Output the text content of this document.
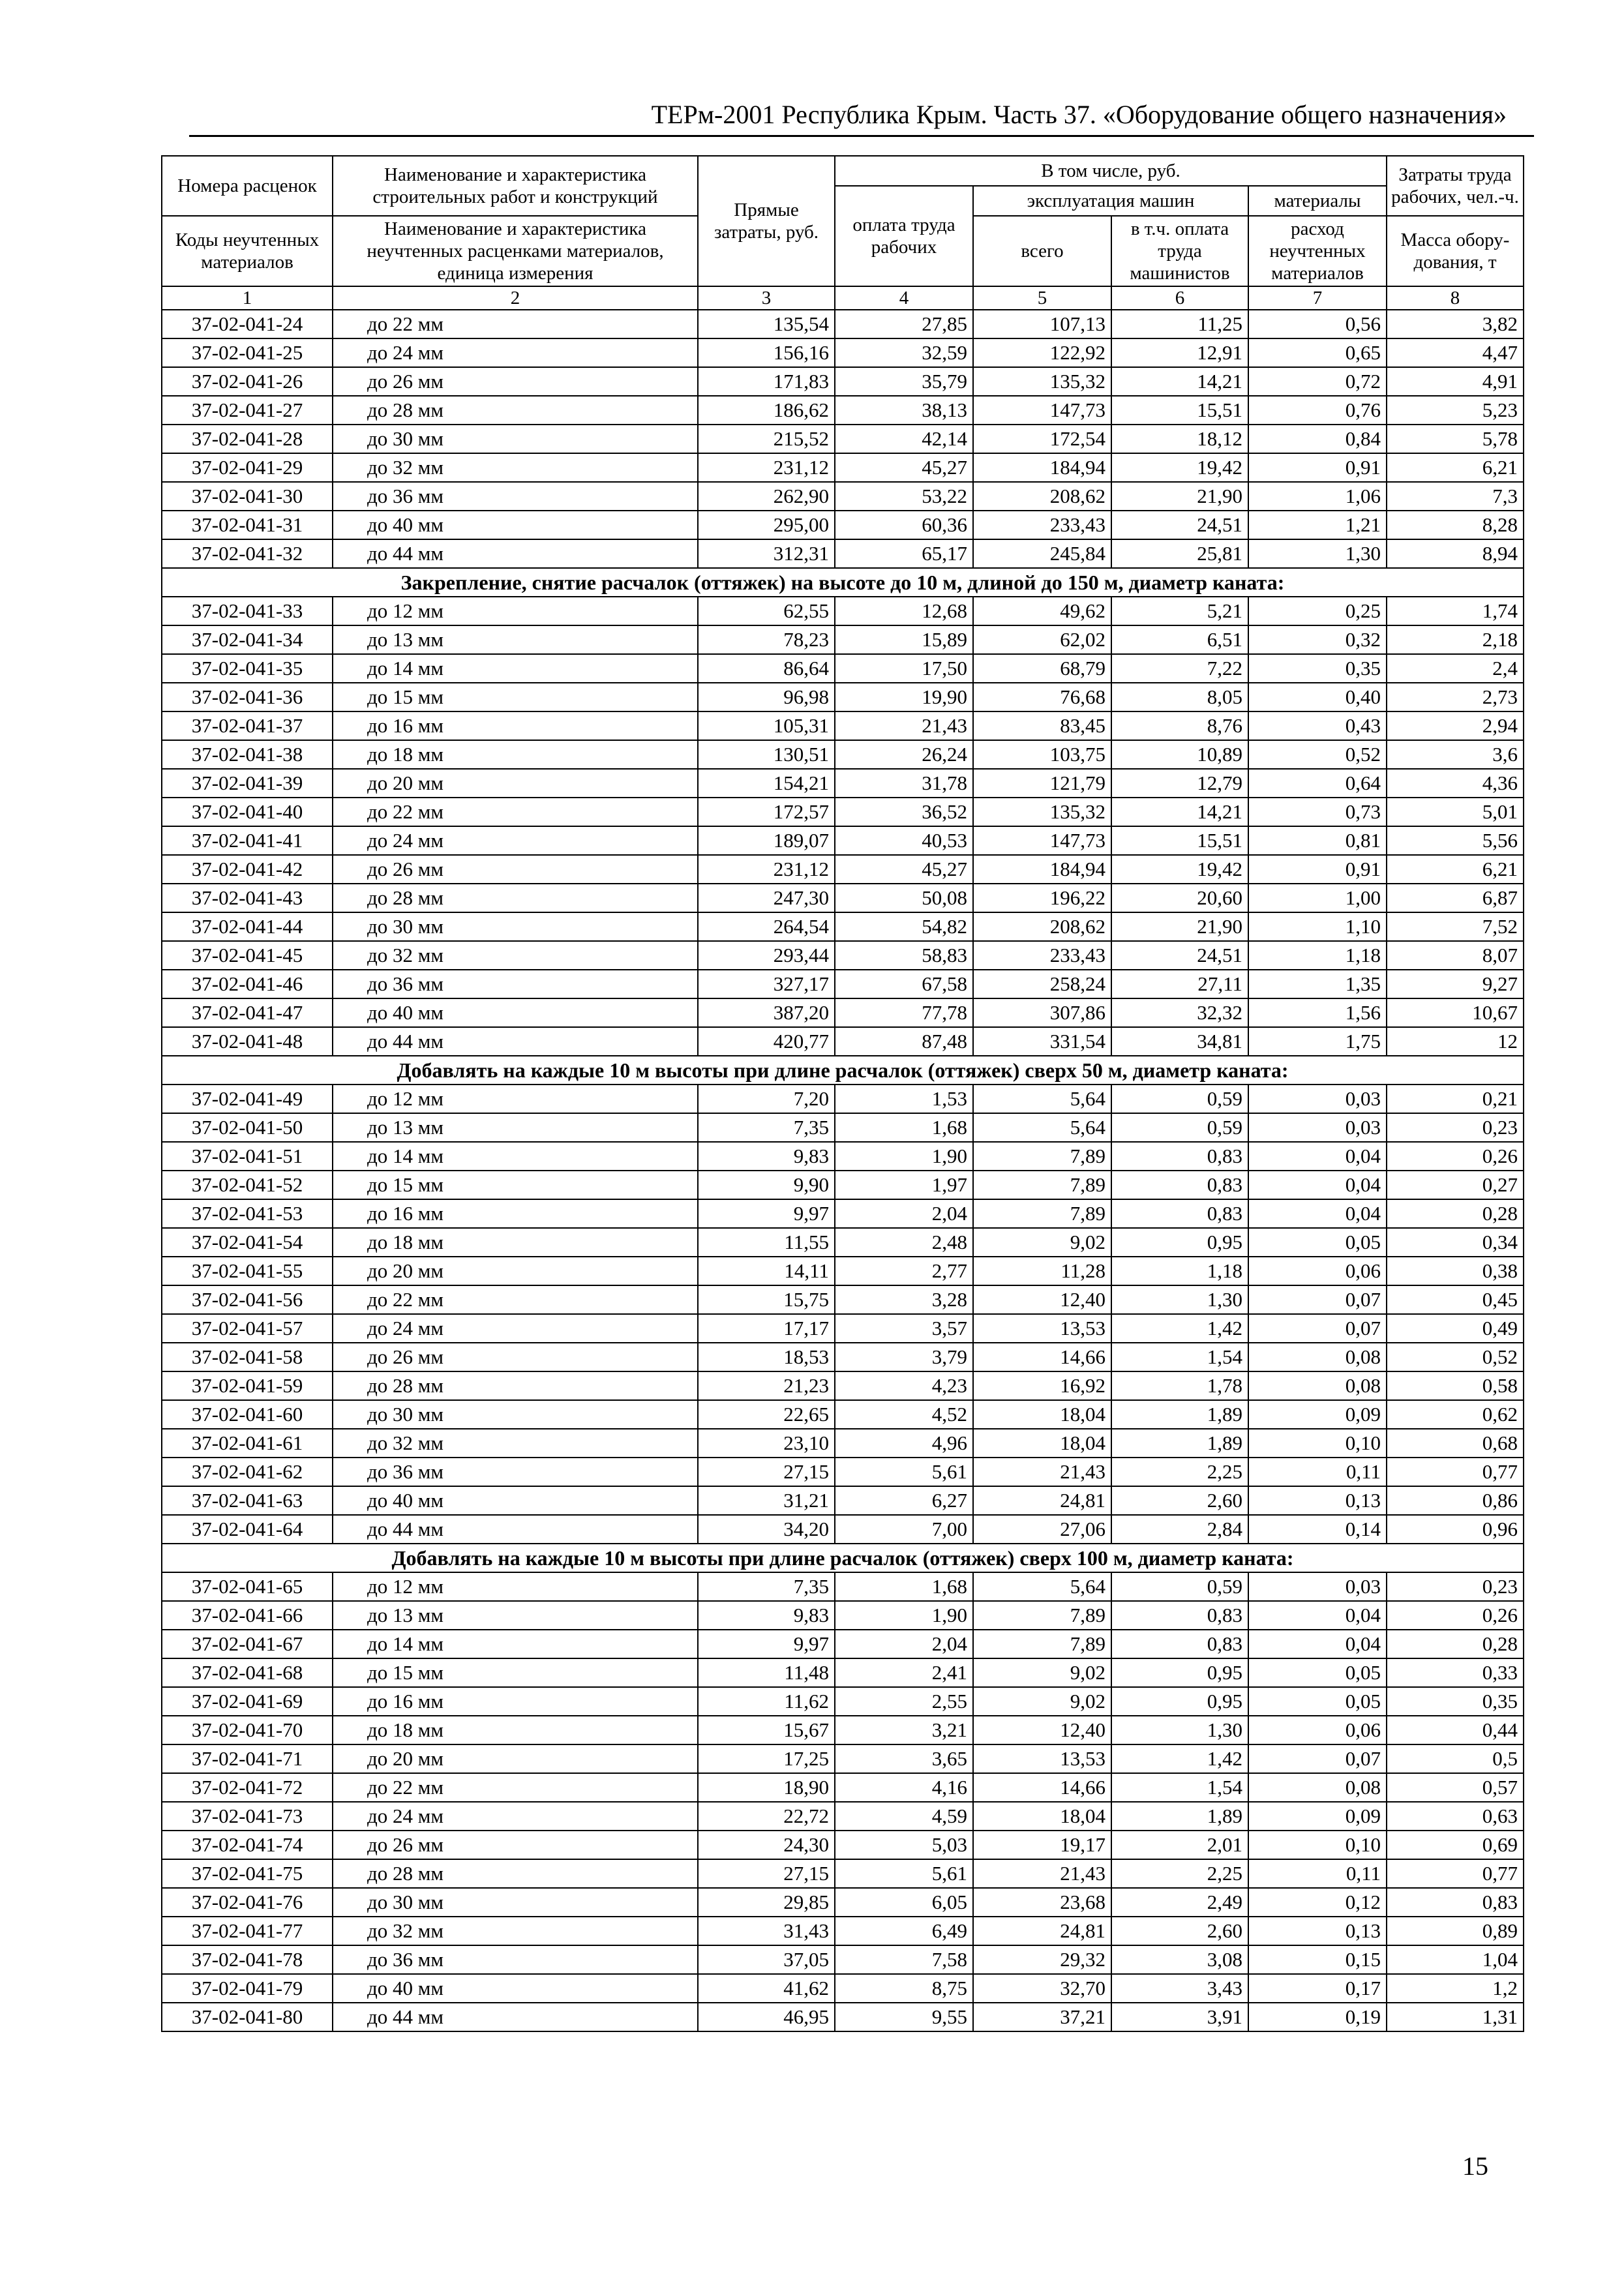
ТЕРм-2001 Республика Крым. Часть 37. «Оборудование общего назначения»
Номера расценок	Наименование и характеристика строительных работ и конструкций	Прямые затраты, руб.	В том числе, руб.				Затраты труда рабочих, чел.-ч.
			оплата труда рабочих	эксплуатация машин		материалы	
Коды неучтенных материалов	Наименование и характеристика неучтенных расценками материалов, единица измерения			всего	в т.ч. оплата труда машинистов	расход неучтенных материалов	
							Масса обору-дования, т
1	2	3	4	5	6	7	8
37-02-041-24	до 22 мм	135,54	27,85	107,13	11,25	0,56	3,82
37-02-041-25	до 24 мм	156,16	32,59	122,92	12,91	0,65	4,47
37-02-041-26	до 26 мм	171,83	35,79	135,32	14,21	0,72	4,91
37-02-041-27	до 28 мм	186,62	38,13	147,73	15,51	0,76	5,23
37-02-041-28	до 30 мм	215,52	42,14	172,54	18,12	0,84	5,78
37-02-041-29	до 32 мм	231,12	45,27	184,94	19,42	0,91	6,21
37-02-041-30	до 36 мм	262,90	53,22	208,62	21,90	1,06	7,3
37-02-041-31	до 40 мм	295,00	60,36	233,43	24,51	1,21	8,28
37-02-041-32	до 44 мм	312,31	65,17	245,84	25,81	1,30	8,94
Закрепление, снятие расчалок (оттяжек) на высоте до 10 м, длиной до 150 м, диаметр каната:							
37-02-041-33	до 12 мм	62,55	12,68	49,62	5,21	0,25	1,74
37-02-041-34	до 13 мм	78,23	15,89	62,02	6,51	0,32	2,18
37-02-041-35	до 14 мм	86,64	17,50	68,79	7,22	0,35	2,4
37-02-041-36	до 15 мм	96,98	19,90	76,68	8,05	0,40	2,73
37-02-041-37	до 16 мм	105,31	21,43	83,45	8,76	0,43	2,94
37-02-041-38	до 18 мм	130,51	26,24	103,75	10,89	0,52	3,6
37-02-041-39	до 20 мм	154,21	31,78	121,79	12,79	0,64	4,36
37-02-041-40	до 22 мм	172,57	36,52	135,32	14,21	0,73	5,01
37-02-041-41	до 24 мм	189,07	40,53	147,73	15,51	0,81	5,56
37-02-041-42	до 26 мм	231,12	45,27	184,94	19,42	0,91	6,21
37-02-041-43	до 28 мм	247,30	50,08	196,22	20,60	1,00	6,87
37-02-041-44	до 30 мм	264,54	54,82	208,62	21,90	1,10	7,52
37-02-041-45	до 32 мм	293,44	58,83	233,43	24,51	1,18	8,07
37-02-041-46	до 36 мм	327,17	67,58	258,24	27,11	1,35	9,27
37-02-041-47	до 40 мм	387,20	77,78	307,86	32,32	1,56	10,67
37-02-041-48	до 44 мм	420,77	87,48	331,54	34,81	1,75	12
Добавлять на каждые 10 м высоты при длине расчалок (оттяжек) сверх 50 м, диаметр каната:							
37-02-041-49	до 12 мм	7,20	1,53	5,64	0,59	0,03	0,21
37-02-041-50	до 13 мм	7,35	1,68	5,64	0,59	0,03	0,23
37-02-041-51	до 14 мм	9,83	1,90	7,89	0,83	0,04	0,26
37-02-041-52	до 15 мм	9,90	1,97	7,89	0,83	0,04	0,27
37-02-041-53	до 16 мм	9,97	2,04	7,89	0,83	0,04	0,28
37-02-041-54	до 18 мм	11,55	2,48	9,02	0,95	0,05	0,34
37-02-041-55	до 20 мм	14,11	2,77	11,28	1,18	0,06	0,38
37-02-041-56	до 22 мм	15,75	3,28	12,40	1,30	0,07	0,45
37-02-041-57	до 24 мм	17,17	3,57	13,53	1,42	0,07	0,49
37-02-041-58	до 26 мм	18,53	3,79	14,66	1,54	0,08	0,52
37-02-041-59	до 28 мм	21,23	4,23	16,92	1,78	0,08	0,58
37-02-041-60	до 30 мм	22,65	4,52	18,04	1,89	0,09	0,62
37-02-041-61	до 32 мм	23,10	4,96	18,04	1,89	0,10	0,68
37-02-041-62	до 36 мм	27,15	5,61	21,43	2,25	0,11	0,77
37-02-041-63	до 40 мм	31,21	6,27	24,81	2,60	0,13	0,86
37-02-041-64	до 44 мм	34,20	7,00	27,06	2,84	0,14	0,96
Добавлять на каждые 10 м высоты при длине расчалок (оттяжек) сверх 100 м, диаметр каната:							
37-02-041-65	до 12 мм	7,35	1,68	5,64	0,59	0,03	0,23
37-02-041-66	до 13 мм	9,83	1,90	7,89	0,83	0,04	0,26
37-02-041-67	до 14 мм	9,97	2,04	7,89	0,83	0,04	0,28
37-02-041-68	до 15 мм	11,48	2,41	9,02	0,95	0,05	0,33
37-02-041-69	до 16 мм	11,62	2,55	9,02	0,95	0,05	0,35
37-02-041-70	до 18 мм	15,67	3,21	12,40	1,30	0,06	0,44
37-02-041-71	до 20 мм	17,25	3,65	13,53	1,42	0,07	0,5
37-02-041-72	до 22 мм	18,90	4,16	14,66	1,54	0,08	0,57
37-02-041-73	до 24 мм	22,72	4,59	18,04	1,89	0,09	0,63
37-02-041-74	до 26 мм	24,30	5,03	19,17	2,01	0,10	0,69
37-02-041-75	до 28 мм	27,15	5,61	21,43	2,25	0,11	0,77
37-02-041-76	до 30 мм	29,85	6,05	23,68	2,49	0,12	0,83
37-02-041-77	до 32 мм	31,43	6,49	24,81	2,60	0,13	0,89
37-02-041-78	до 36 мм	37,05	7,58	29,32	3,08	0,15	1,04
37-02-041-79	до 40 мм	41,62	8,75	32,70	3,43	0,17	1,2
37-02-041-80	до 44 мм	46,95	9,55	37,21	3,91	0,19	1,31
15
